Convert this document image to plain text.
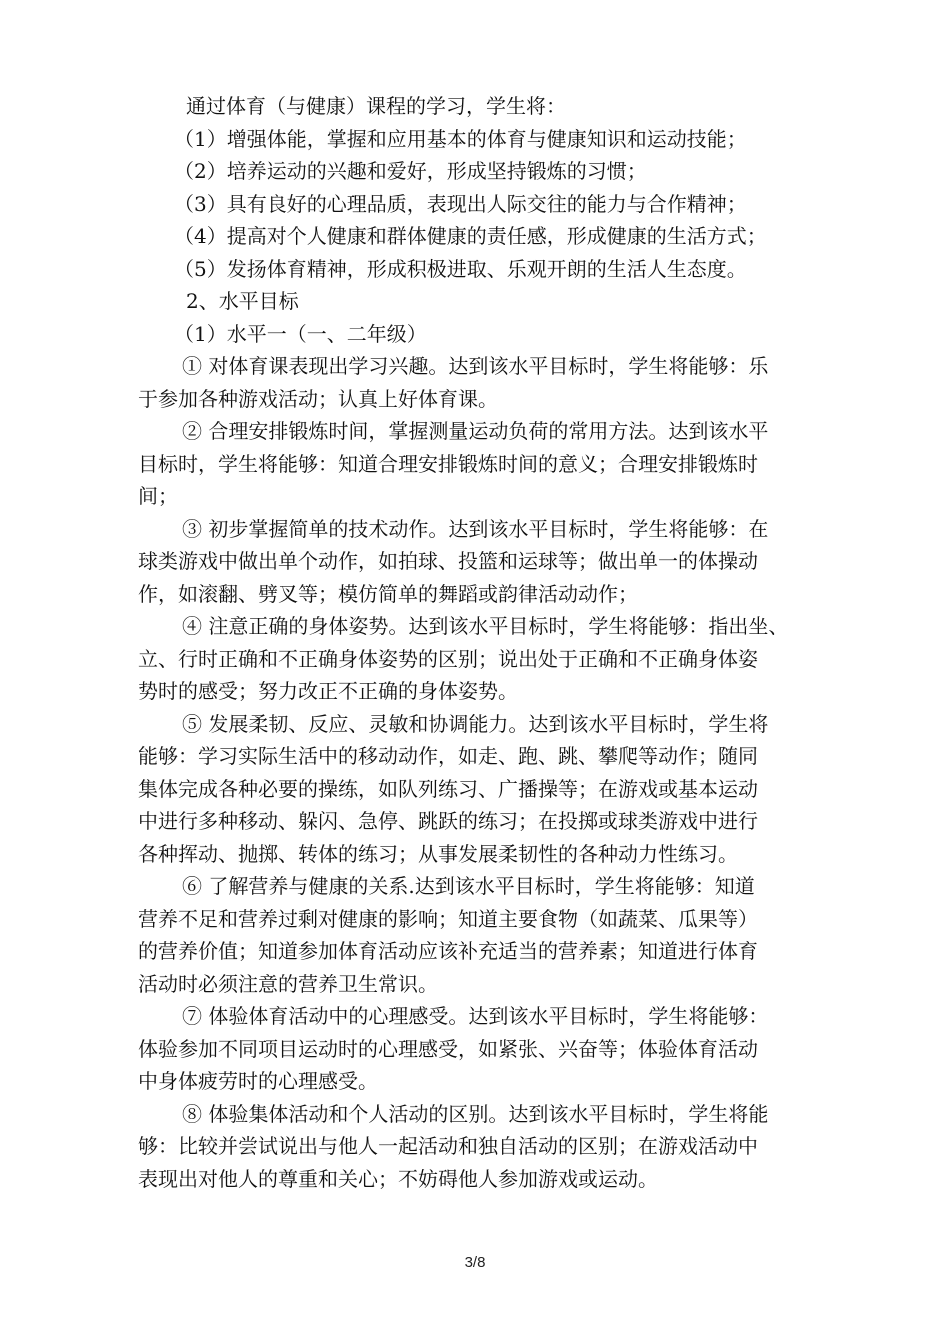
通过体育（与健康）课程的学习，学生将：
（1）增强体能，掌握和应用基本的体育与健康知识和运动技能；
（2）培养运动的兴趣和爱好，形成坚持锻炼的习惯；
（3）具有良好的心理品质，表现出人际交往的能力与合作精神；
（4）提高对个人健康和群体健康的责任感，形成健康的生活方式；
（5）发扬体育精神，形成积极进取、乐观开朗的生活人生态度。
2、水平目标
（1）水平一（一、二年级）
① 对体育课表现出学习兴趣。达到该水平目标时，学生将能够：乐
于参加各种游戏活动；认真上好体育课。
② 合理安排锻炼时间，掌握测量运动负荷的常用方法。达到该水平
目标时，学生将能够：知道合理安排锻炼时间的意义；合理安排锻炼时
间；
③ 初步掌握简单的技术动作。达到该水平目标时，学生将能够：在
球类游戏中做出单个动作，如拍球、投篮和运球等；做出单一的体操动
作，如滚翻、劈叉等；模仿简单的舞蹈或韵律活动动作；
④ 注意正确的身体姿势。达到该水平目标时，学生将能够：指出坐、
立、行时正确和不正确身体姿势的区别；说出处于正确和不正确身体姿
势时的感受；努力改正不正确的身体姿势。
⑤ 发展柔韧、反应、灵敏和协调能力。达到该水平目标时，学生将
能够：学习实际生活中的移动动作，如走、跑、跳、攀爬等动作；随同
集体完成各种必要的操练，如队列练习、广播操等；在游戏或基本运动
中进行多种移动、躲闪、急停、跳跃的练习；在投掷或球类游戏中进行
各种挥动、抛掷、转体的练习；从事发展柔韧性的各种动力性练习。
⑥ 了解营养与健康的关系.达到该水平目标时，学生将能够：知道
营养不足和营养过剩对健康的影响；知道主要食物（如蔬菜、瓜果等）
的营养价值；知道参加体育活动应该补充适当的营养素；知道进行体育
活动时必须注意的营养卫生常识。
⑦ 体验体育活动中的心理感受。达到该水平目标时，学生将能够：
体验参加不同项目运动时的心理感受，如紧张、兴奋等；体验体育活动
中身体疲劳时的心理感受。
⑧ 体验集体活动和个人活动的区别。达到该水平目标时，学生将能
够：比较并尝试说出与他人一起活动和独自活动的区别；在游戏活动中
表现出对他人的尊重和关心；不妨碍他人参加游戏或运动。
3/8
